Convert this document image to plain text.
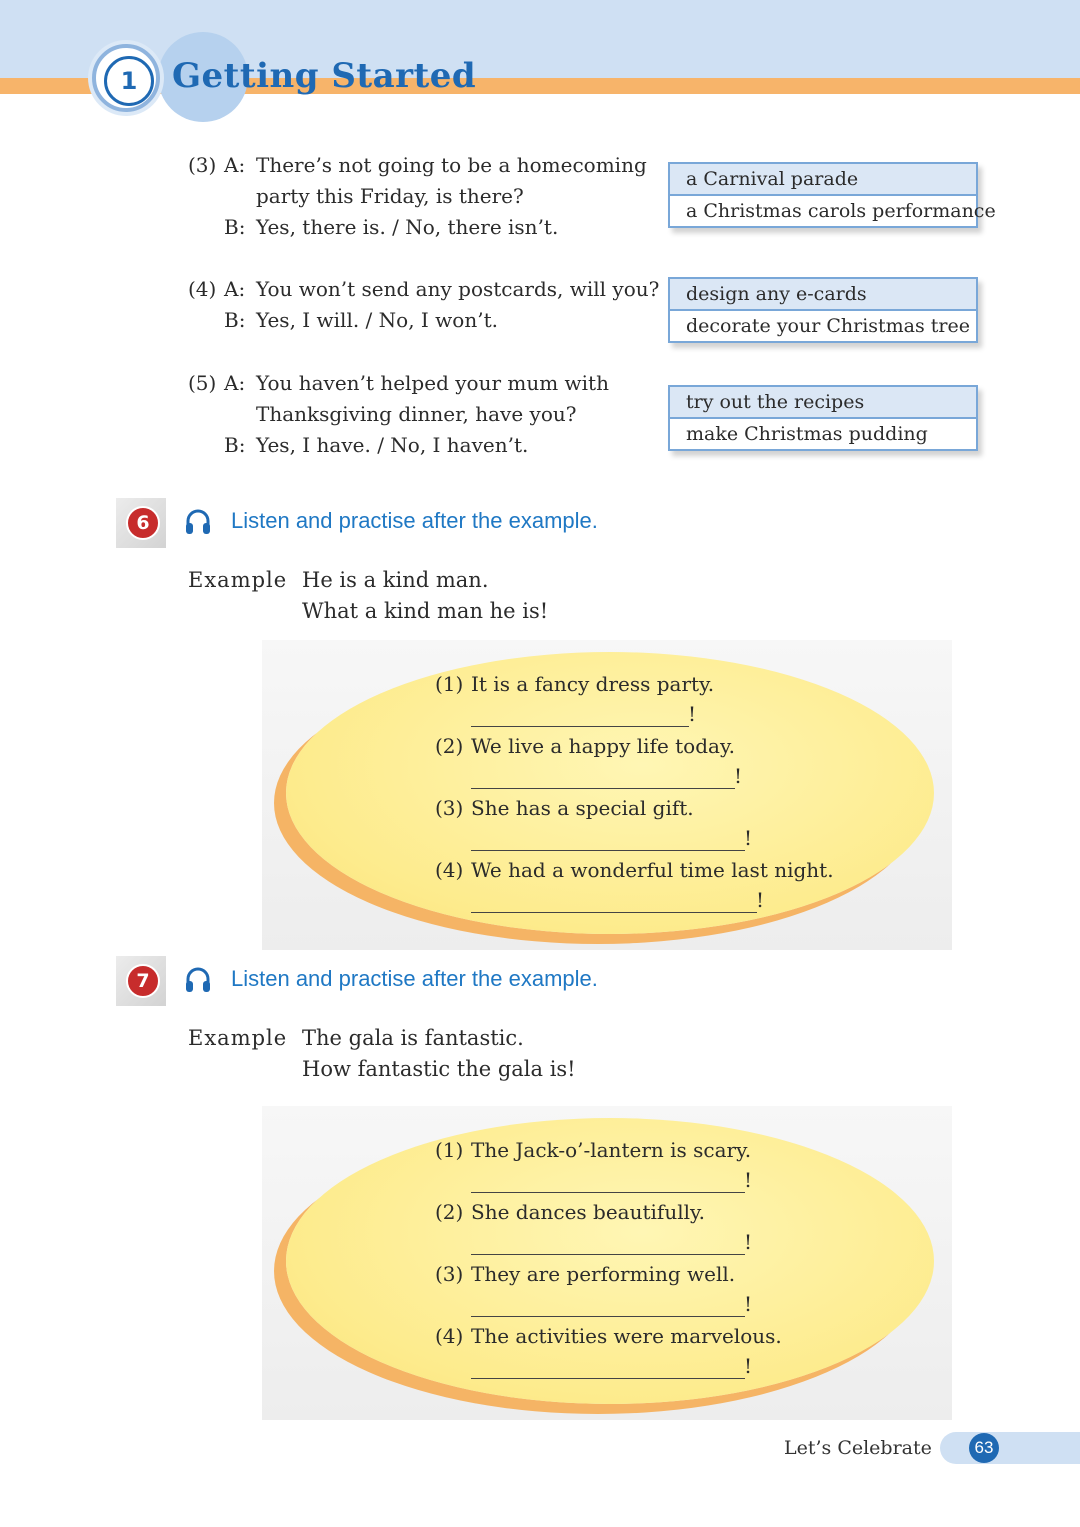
1	Getting Started
(3) A: There’s not going to be a homecoming
party this Friday, is there?
B: Yes, there is. / No, there isn’t.
a Carnival parade
a Christmas carols performance
(4) A: You won’t send any postcards, will you?
B: Yes, I will. / No, I won’t.
design any e-cards
decorate your Christmas tree
(5) A: You haven’t helped your mum with
Thanksgiving dinner, have you?
B: Yes, I have. / No, I haven’t.
try out the recipes
make Christmas pudding
6	Listen and practise after the example.
Example He is a kind man.
What a kind man he is!
(1) It is a fancy dress party.
!
(2) We live a happy life today.
!
(3) She has a special gift.
!
(4) We had a wonderful time last night.
!
7	Listen and practise after the example.
Example The gala is fantastic.
How fantastic the gala is!
(1) The Jack-o’-lantern is scary.
!
(2) She dances beautifully.
!
(3) They are performing well.
!
(4) The activities were marvelous.
!
Let’s Celebrate	63
